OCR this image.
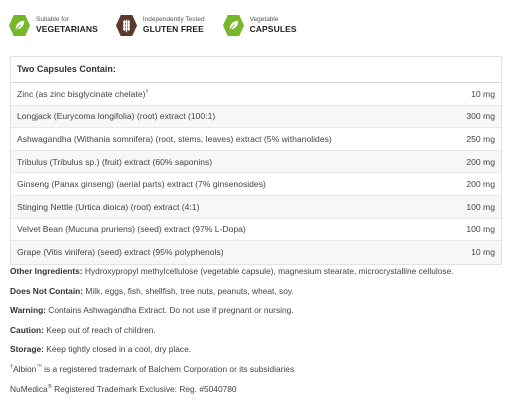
Suitable for
VEGETARIANS
Independently Tested
GLUTEN FREE
Vegetable
CAPSULES
Two Capsules Contain:
Zinc (as zinc bisglycinate chelate)†	10 mg
Longjack (Eurycoma longifolia) (root) extract (100:1)	300 mg
Ashwagandha (Withania somnifera) (root, stems, leaves) extract (5% withanolides)	250 mg
Tribulus (Tribulus sp.) (fruit) extract (60% saponins)	200 mg
Ginseng (Panax ginseng) (aerial parts) extract (7% ginsenosides)	200 mg
Stinging Nettle (Urtica dioica) (root) extract (4:1)	100 mg
Velvet Bean (Mucuna pruriens) (seed) extract (97% L-Dopa)	100 mg
Grape (Vitis vinifera) (seed) extract (95% polyphenols)	10 mg
Other Ingredients: Hydroxypropyl methylcellulose (vegetable capsule), magnesium stearate, microcrystalline cellulose.
Does Not Contain: Milk, eggs, fish, shellfish, tree nuts, peanuts, wheat, soy.
Warning: Contains Ashwagandha Extract. Do not use if pregnant or nursing.
Caution: Keep out of reach of children.
Storage: Keep tightly closed in a cool, dry place.
†Albion™ is a registered trademark of Balchem Corporation or its subsidiaries
NuMedica® Registered Trademark Exclusive: Reg. #5040780
